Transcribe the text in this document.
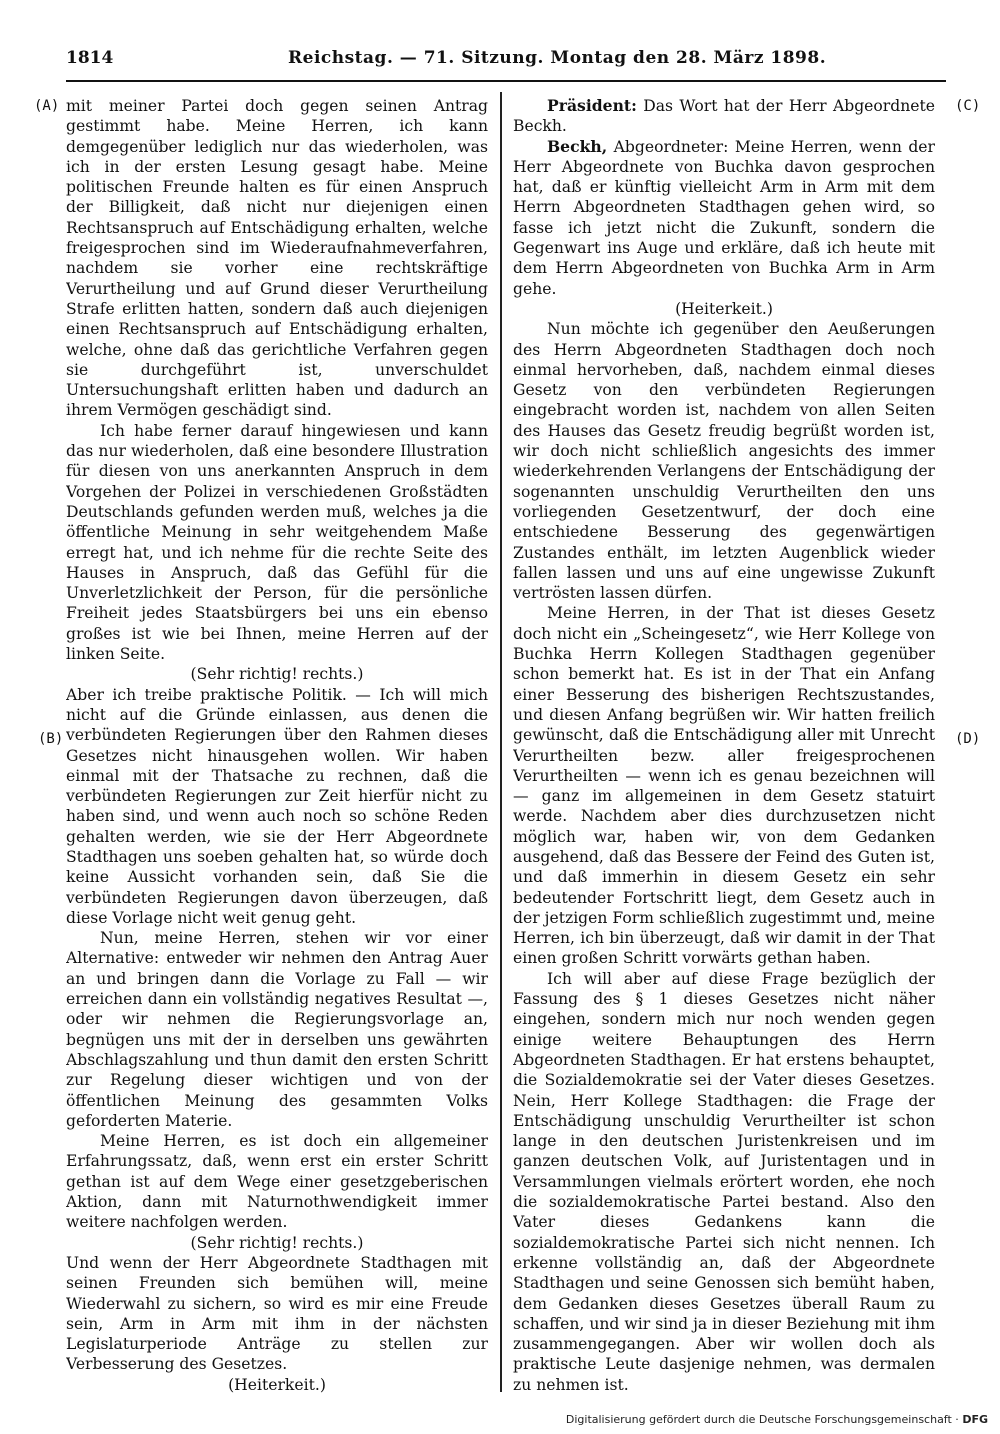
1814	Reichstag. — 71. Sitzung. Montag den 28. März 1898.
(A)
(B)
(C)
(D)

mit meiner Partei doch gegen seinen Antrag gestimmt habe. Meine Herren, ich kann demgegenüber lediglich nur das wiederholen, was ich in der ersten Lesung gesagt habe. Meine politischen Freunde halten es für einen Anspruch der Billigkeit, daß nicht nur diejenigen einen Rechtsanspruch auf Entschädigung erhalten, welche freigesprochen sind im Wiederaufnahmeverfahren, nachdem sie vorher eine rechtskräftige Verurtheilung und auf Grund dieser Verurtheilung Strafe erlitten hatten, sondern daß auch diejenigen einen Rechtsanspruch auf Entschädigung erhalten, welche, ohne daß das gerichtliche Verfahren gegen sie durchgeführt ist, unverschuldet Untersuchungshaft erlitten haben und dadurch an ihrem Vermögen geschädigt sind.

Ich habe ferner darauf hingewiesen und kann das nur wiederholen, daß eine besondere Illustration für diesen von uns anerkannten Anspruch in dem Vorgehen der Polizei in verschiedenen Großstädten Deutschlands gefunden werden muß, welches ja die öffentliche Meinung in sehr weitgehendem Maße erregt hat, und ich nehme für die rechte Seite des Hauses in Anspruch, daß das Gefühl für die Unverletzlichkeit der Person, für die persönliche Freiheit jedes Staatsbürgers bei uns ein ebenso großes ist wie bei Ihnen, meine Herren auf der linken Seite.

(Sehr richtig! rechts.)

Aber ich treibe praktische Politik. — Ich will mich nicht auf die Gründe einlassen, aus denen die verbündeten Regierungen über den Rahmen dieses Gesetzes nicht hinausgehen wollen. Wir haben einmal mit der Thatsache zu rechnen, daß die verbündeten Regierungen zur Zeit hierfür nicht zu haben sind, und wenn auch noch so schöne Reden gehalten werden, wie sie der Herr Abgeordnete Stadthagen uns soeben gehalten hat, so würde doch keine Aussicht vorhanden sein, daß Sie die verbündeten Regierungen davon überzeugen, daß diese Vorlage nicht weit genug geht.

Nun, meine Herren, stehen wir vor einer Alternative: entweder wir nehmen den Antrag Auer an und bringen dann die Vorlage zu Fall — wir erreichen dann ein vollständig negatives Resultat —, oder wir nehmen die Regierungsvorlage an, begnügen uns mit der in derselben uns gewährten Abschlagszahlung und thun damit den ersten Schritt zur Regelung dieser wichtigen und von der öffentlichen Meinung des gesammten Volks geforderten Materie.

Meine Herren, es ist doch ein allgemeiner Erfahrungssatz, daß, wenn erst ein erster Schritt gethan ist auf dem Wege einer gesetzgeberischen Aktion, dann mit Naturnothwendigkeit immer weitere nachfolgen werden.

(Sehr richtig! rechts.)

Und wenn der Herr Abgeordnete Stadthagen mit seinen Freunden sich bemühen will, meine Wiederwahl zu sichern, so wird es mir eine Freude sein, Arm in Arm mit ihm in der nächsten Legislaturperiode Anträge zu stellen zur Verbesserung des Gesetzes.

(Heiterkeit.)

Präsident: Das Wort hat der Herr Abgeordnete Beckh.

Beckh, Abgeordneter: Meine Herren, wenn der Herr Abgeordnete von Buchka davon gesprochen hat, daß er künftig vielleicht Arm in Arm mit dem Herrn Abgeordneten Stadthagen gehen wird, so fasse ich jetzt nicht die Zukunft, sondern die Gegenwart ins Auge und erkläre, daß ich heute mit dem Herrn Abgeordneten von Buchka Arm in Arm gehe.

(Heiterkeit.)

Nun möchte ich gegenüber den Aeußerungen des Herrn Abgeordneten Stadthagen doch noch einmal hervorheben, daß, nachdem einmal dieses Gesetz von den verbündeten Regierungen eingebracht worden ist, nachdem von allen Seiten des Hauses das Gesetz freudig begrüßt worden ist, wir doch nicht schließlich angesichts des immer wiederkehrenden Verlangens der Entschädigung der sogenannten unschuldig Verurtheilten den uns vorliegenden Gesetzentwurf, der doch eine entschiedene Besserung des gegenwärtigen Zustandes enthält, im letzten Augenblick wieder fallen lassen und uns auf eine ungewisse Zukunft vertrösten lassen dürfen.

Meine Herren, in der That ist dieses Gesetz doch nicht ein „Scheingesetz“, wie Herr Kollege von Buchka Herrn Kollegen Stadthagen gegenüber schon bemerkt hat. Es ist in der That ein Anfang einer Besserung des bisherigen Rechtszustandes, und diesen Anfang begrüßen wir. Wir hatten freilich gewünscht, daß die Entschädigung aller mit Unrecht Verurtheilten bezw. aller freigesprochenen Verurtheilten — wenn ich es genau bezeichnen will — ganz im allgemeinen in dem Gesetz statuirt werde. Nachdem aber dies durchzusetzen nicht möglich war, haben wir, von dem Gedanken ausgehend, daß das Bessere der Feind des Guten ist, und daß immerhin in diesem Gesetz ein sehr bedeutender Fortschritt liegt, dem Gesetz auch in der jetzigen Form schließlich zugestimmt und, meine Herren, ich bin überzeugt, daß wir damit in der That einen großen Schritt vorwärts gethan haben.

Ich will aber auf diese Frage bezüglich der Fassung des § 1 dieses Gesetzes nicht näher eingehen, sondern mich nur noch wenden gegen einige weitere Behauptungen des Herrn Abgeordneten Stadthagen. Er hat erstens behauptet, die Sozialdemokratie sei der Vater dieses Gesetzes. Nein, Herr Kollege Stadthagen: die Frage der Entschädigung unschuldig Verurtheilter ist schon lange in den deutschen Juristenkreisen und im ganzen deutschen Volk, auf Juristentagen und in Versammlungen vielmals erörtert worden, ehe noch die sozialdemokratische Partei bestand. Also den Vater dieses Gedankens kann die sozialdemokratische Partei sich nicht nennen. Ich erkenne vollständig an, daß der Abgeordnete Stadthagen und seine Genossen sich bemüht haben, dem Gedanken dieses Gesetzes überall Raum zu schaffen, und wir sind ja in dieser Beziehung mit ihm zusammengegangen. Aber wir wollen doch als praktische Leute dasjenige nehmen, was dermalen zu nehmen ist.

Digitalisierung gefördert durch die Deutsche Forschungsgemeinschaft · DFG
